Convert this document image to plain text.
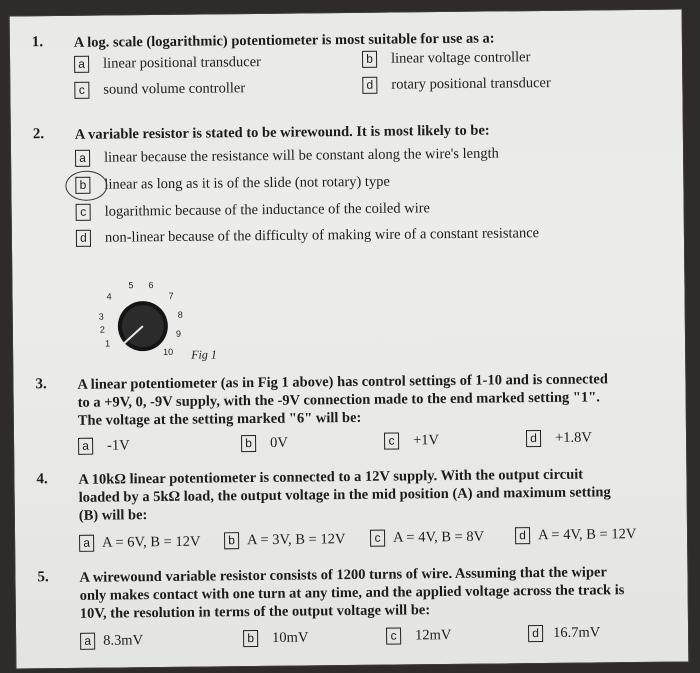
1. A log. scale (logarithmic) potentiometer is most suitable for use as a:
a linear positional transducer	b linear voltage controller
c sound volume controller	d rotary positional transducer
2. A variable resistor is stated to be wirewound. It is most likely to be:
a linear because the resistance will be constant along the wire's length
b linear as long as it is of the slide (not rotary) type
c logarithmic because of the inductance of the coiled wire
d non-linear because of the difficulty of making wire of a constant resistance
1
2
3
4
5 6
7
8
9
10 Fig 1
3. A linear potentiometer (as in Fig 1 above) has control settings of 1-10 and is connected
to a +9V, 0, -9V supply, with the -9V connection made to the end marked setting "1".
The voltage at the setting marked "6" will be:
a -1V	b 0V	c +1V	d +1.8V
4. A 10kΩ linear potentiometer is connected to a 12V supply. With the output circuit
loaded by a 5kΩ load, the output voltage in the mid position (A) and maximum setting
(B) will be:
a A = 6V, B = 12V	b A = 3V, B = 12V	c A = 4V, B = 8V	d A = 4V, B = 12V
5. A wirewound variable resistor consists of 1200 turns of wire. Assuming that the wiper
only makes contact with one turn at any time, and the applied voltage across the track is
10V, the resolution in terms of the output voltage will be:
a 8.3mV	b 10mV	c 12mV	d 16.7mV
